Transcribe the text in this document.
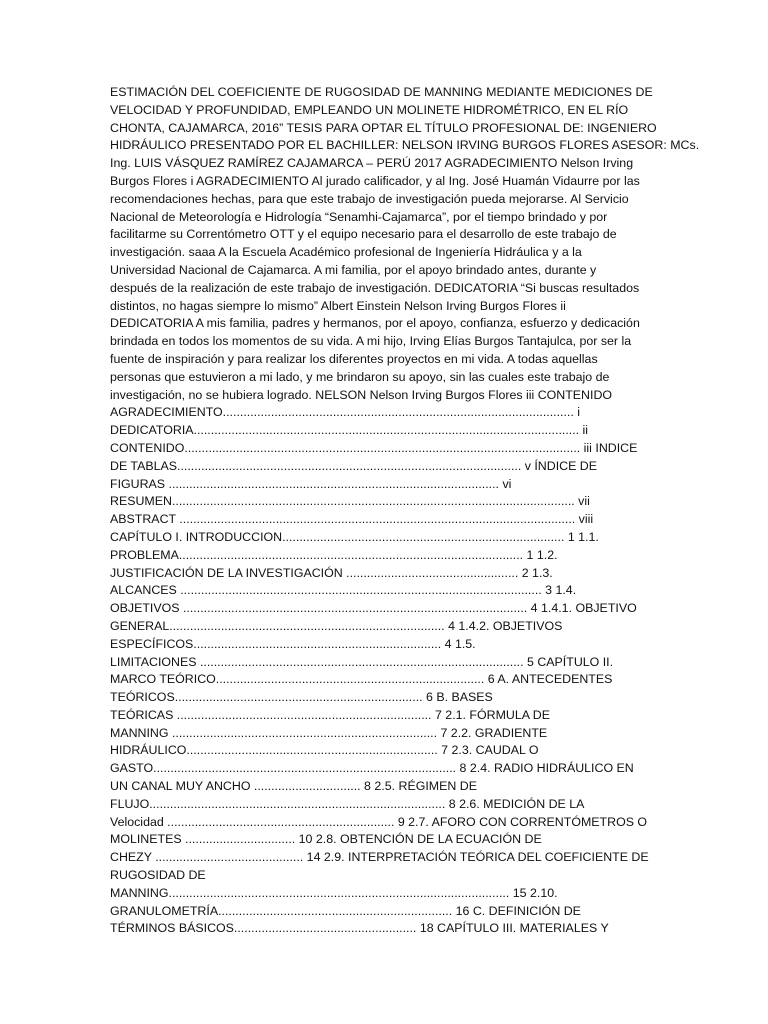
ESTIMACIÓN DEL COEFICIENTE DE RUGOSIDAD DE MANNING MEDIANTE MEDICIONES DE
VELOCIDAD Y PROFUNDIDAD, EMPLEANDO UN MOLINETE HIDROMÉTRICO, EN EL RÍO
CHONTA, CAJAMARCA, 2016” TESIS PARA OPTAR EL TÍTULO PROFESIONAL DE: INGENIERO
HIDRÁULICO PRESENTADO POR EL BACHILLER: NELSON IRVING BURGOS FLORES ASESOR: MCs.
Ing. LUIS VÁSQUEZ RAMÍREZ CAJAMARCA – PERÚ 2017 AGRADECIMIENTO Nelson Irving
Burgos Flores i AGRADECIMIENTO Al jurado calificador, y al Ing. José Huamán Vidaurre por las
recomendaciones hechas, para que este trabajo de investigación pueda mejorarse. Al Servicio
Nacional de Meteorología e Hidrología “Senamhi-Cajamarca”, por el tiempo brindado y por
facilitarme su Correntómetro OTT y el equipo necesario para el desarrollo de este trabajo de
investigación. saaa A la Escuela Académico profesional de Ingeniería Hidráulica y a la
Universidad Nacional de Cajamarca. A mi familia, por el apoyo brindado antes, durante y
después de la realización de este trabajo de investigación. DEDICATORIA “Si buscas resultados
distintos, no hagas siempre lo mismo” Albert Einstein Nelson Irving Burgos Flores ii
DEDICATORIA A mis familia, padres y hermanos, por el apoyo, confianza, esfuerzo y dedicación
brindada en todos los momentos de su vida. A mi hijo, Irving Elías Burgos Tantajulca, por ser la
fuente de inspiración y para realizar los diferentes proyectos en mi vida. A todas aquellas
personas que estuvieron a mi lado, y me brindaron su apoyo, sin las cuales este trabajo de
investigación, no se hubiera logrado. NELSON Nelson Irving Burgos Flores iii CONTENIDO
AGRADECIMIENTO...................................................................................................... i
DEDICATORIA................................................................................................................ ii
CONTENIDO................................................................................................................... iii INDICE
DE TABLAS.................................................................................................... v ÍNDICE DE
FIGURAS ................................................................................................ vi
RESUMEN..................................................................................................................... vii
ABSTRACT ................................................................................................................... viii
CAPÍTULO I. INTRODUCCION.................................................................................. 1 1.1.
PROBLEMA.................................................................................................... 1 1.2.
JUSTIFICACIÓN DE LA INVESTIGACIÓN .................................................. 2 1.3.
ALCANCES ......................................................................................................... 3 1.4.
OBJETIVOS .................................................................................................... 4 1.4.1. OBJETIVO
GENERAL................................................................................ 4 1.4.2. OBJETIVOS
ESPECÍFICOS........................................................................ 4 1.5.
LIMITACIONES .............................................................................................. 5 CAPÍTULO II.
MARCO TEÓRICO.............................................................................. 6 A. ANTECEDENTES
TEÓRICOS........................................................................ 6 B. BASES
TEÓRICAS .......................................................................... 7 2.1. FÓRMULA DE
MANNING ............................................................................. 7 2.2. GRADIENTE
HIDRÁULICO......................................................................... 7 2.3. CAUDAL O
GASTO........................................................................................ 8 2.4. RADIO HIDRÁULICO EN
UN CANAL MUY ANCHO ............................... 8 2.5. RÉGIMEN DE
FLUJO...................................................................................... 8 2.6. MEDICIÓN DE LA
Velocidad .................................................................. 9 2.7. AFORO CON CORRENTÓMETROS O
MOLINETES ................................ 10 2.8. OBTENCIÓN DE LA ECUACIÓN DE
CHEZY ........................................... 14 2.9. INTERPRETACIÓN TEÓRICA DEL COEFICIENTE DE
RUGOSIDAD DE
MANNING................................................................................................... 15 2.10.
GRANULOMETRÍA.................................................................... 16 C. DEFINICIÓN DE
TÉRMINOS BÁSICOS..................................................... 18 CAPÍTULO III. MATERIALES Y
